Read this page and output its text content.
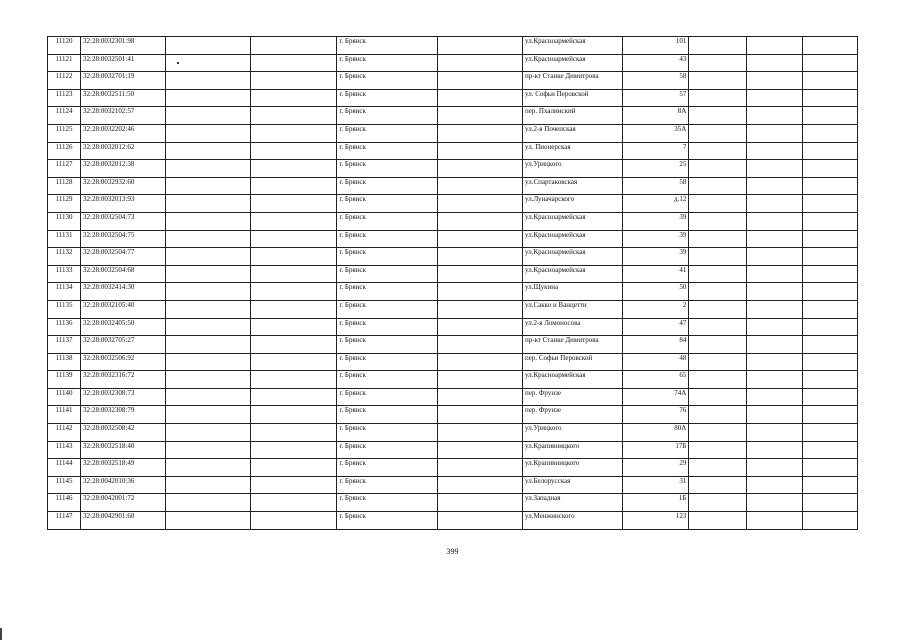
11120	32:28:0032301:98			г. Брянск		ул.Красноармейская	101			
11121	32:28:0032501:41			г. Брянск		ул.Красноармейская	43			
11122	32:28:0032701:19			г. Брянск		пр-кт Станке Димитрова	58			
11123	32:28:0032511:50			г. Брянск		ул. Софьи Перовской	57			
11124	32:28:0032102:57			г. Брянск		пер. Пхалинский	8А			
11125	32:28:0032202:46			г. Брянск		ул.2-я Почепская	35А			
11126	32:28:0032012:62			г. Брянск		ул. Пионерская	7			
11127	32:28:0032012:38			г. Брянск		ул.Урицкого	25			
11128	32:28:0032932:60			г. Брянск		ул.Спартаковская	58			
11129	32:28:0032013:93			г. Брянск		ул.Луначарского	д.12			
11130	32:28:0032504:73			г. Брянск		ул.Красноармейская	39			
11131	32:28:0032504:75			г. Брянск		ул.Красноармейская	39			
11132	32:28:0032504:77			г. Брянск		ул.Красноармейская	39			
11133	32:28:0032504:68			г. Брянск		ул.Красноармейская	41			
11134	32:28:0032414:30			г. Брянск		ул.Щукина	50			
11135	32:28:0032105:40			г. Брянск		ул.Сакко и Ванцетти	2			
11136	32:28:0032405:50			г. Брянск		ул.2-я Ломоносова	47			
11137	32:28:0032705:27			г. Брянск		пр-кт Станке Димитрова	84			
11138	32:28:0032506:92			г. Брянск		пер. Софьи Перовской	48			
11139	32:28:0032316:72			г. Брянск		ул.Красноармейская	65			
11140	32:28:0032308:73			г. Брянск		пер. Фрунзе	74А			
11141	32:28:0032308:79			г. Брянск		пер. Фрунзе	76			
11142	32:28:0032508:42			г. Брянск		ул.Урицкого	80А			
11143	32:28:0032518:40			г. Брянск		ул.Крапивницкого	17Б			
11144	32:28:0032518:49			г. Брянск		ул.Крапивницкого	29			
11145	32:28:0042010:36			г. Брянск		ул.Белорусская	31			
11146	32:28:0042001:72			г. Брянск		ул.Западная	1Б			
11147	32:28:0042901:60			г. Брянск		ул.Менжинского	123			
399
